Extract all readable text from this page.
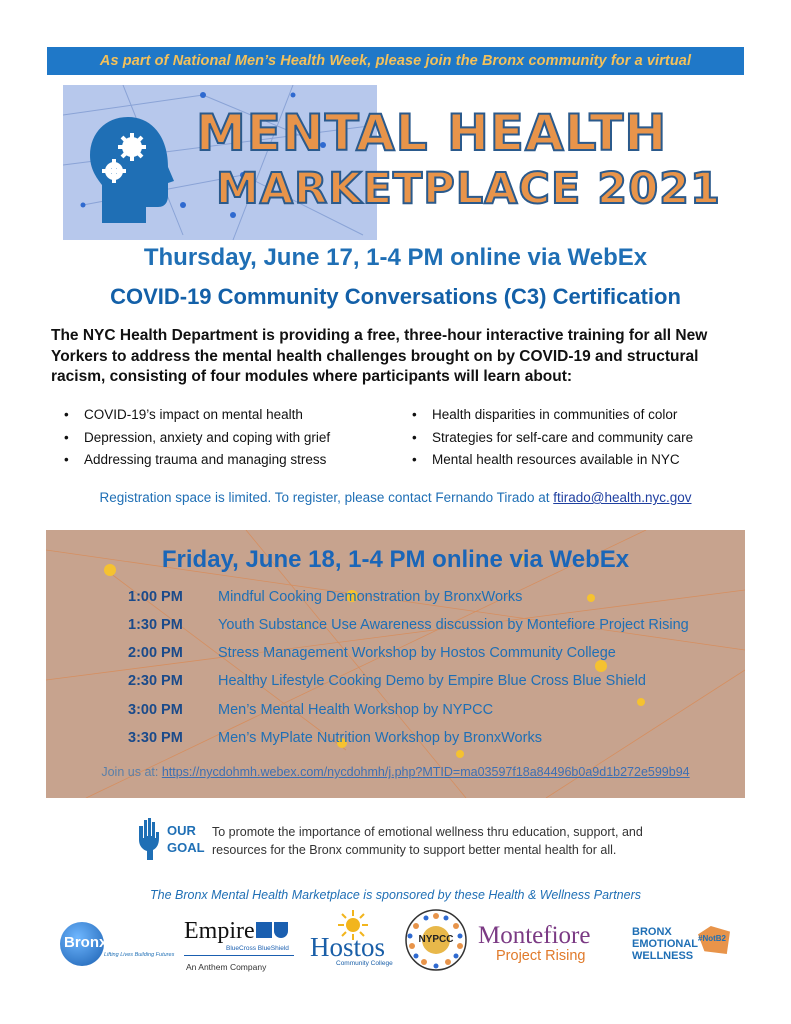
As part of National Men’s Health Week, please join the Bronx community for a virtual
MENTAL HEALTH
MARKETPLACE 2021
Thursday, June 17, 1-4 PM online via WebEx
COVID-19 Community Conversations (C3) Certification
The NYC Health Department is providing a free, three-hour interactive training for all New Yorkers to address the mental health challenges brought on by COVID-19 and structural racism, consisting of four modules where participants will learn about:
• COVID-19’s impact on mental health
• Depression, anxiety and coping with grief
• Addressing trauma and managing stress
• Health disparities in communities of color
• Strategies for self-care and community care
• Mental health resources available in NYC
Registration space is limited. To register, please contact Fernando Tirado at ftirado@health.nyc.gov
Friday, June 18, 1-4 PM online via WebEx
1:00 PM	Mindful Cooking Demonstration by BronxWorks
1:30 PM	Youth Substance Use Awareness discussion by Montefiore Project Rising
2:00 PM	Stress Management Workshop by Hostos Community College
2:30 PM	Healthy Lifestyle Cooking Demo by Empire Blue Cross Blue Shield
3:00 PM	Men’s Mental Health Workshop by NYPCC
3:30 PM	Men’s MyPlate Nutrition Workshop by BronxWorks
Join us at: https://nycdohmh.webex.com/nycdohmh/j.php?MTID=ma03597f18a84496b0a9d1b272e599b94
OUR
GOAL
To promote the importance of emotional wellness thru education, support, and resources for the Bronx community to support better mental health for all.
The Bronx Mental Health Marketplace is sponsored by these Health & Wellness Partners
Bronxworks
Lifting Lives Building Futures
Empire
BlueCross BlueShield
An Anthem Company
Hostos
Community College
NYPCC Montefiore
Project Rising
BRONX
EMOTIONAL
WELLNESS
#NotB2
